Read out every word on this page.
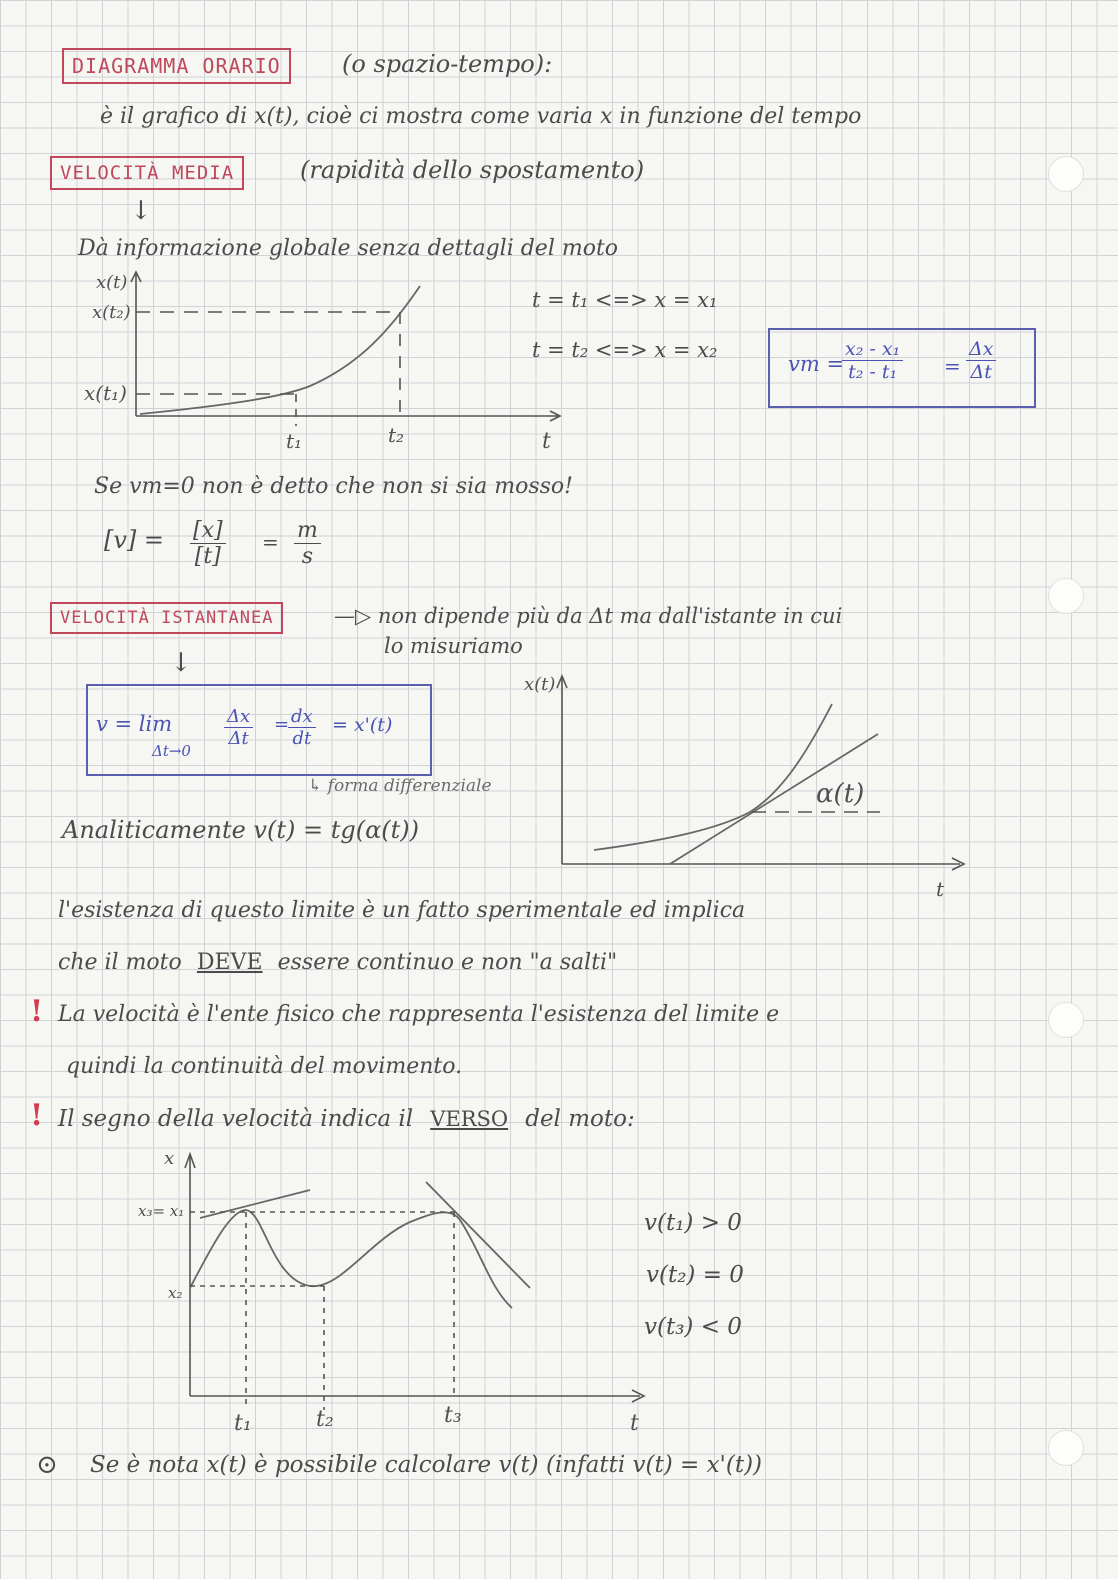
DIAGRAMMA ORARIO	(o spazio-tempo):
è il grafico di x(t), cioè ci mostra come varia x in funzione del tempo
VELOCITÀ MEDIA	(rapidità dello spostamento)
↓
Dà informazione globale senza dettagli del moto
x(t)
x(t₂)
x(t₁)
t₁	t₂	t
t = t₁ <=> x = x₁
t = t₂ <=> x = x₂
vm =
$\frac{\text{x₂ - x₁}}{\text{t₂ - t₁}} = \frac{\Delta x}{\Delta t}$
Se vm=0 non è detto che non si sia mosso!
$[v] = \frac{[x]}{[t]} = \frac{m}{s}$
VELOCITÀ ISTANTANEA	—▷ non dipende più da Δt ma dall'istante in cui
lo misuriamo
↓
v = lim
Δt→0
$\frac{\Delta x}{\Delta t}$ =
$\frac{dx}{dt} = x'(t)$
↳ forma differenziale
Analiticamente v(t) = tg(α(t))
x(t)
α(t)
t
l'esistenza di questo limite è un fatto sperimentale ed implica
che il moto DEVE essere continuo e non "a salti"
! La velocità è l'ente fisico che rappresenta l'esistenza del limite e
quindi la continuità del movimento.
! Il segno della velocità indica il VERSO del moto:
x
x₃= x₁
x₂
t₁	t₂	t₃	t
v(t₁) > 0
v(t₂) = 0
v(t₃) < 0
⊙ Se è nota x(t) è possibile calcolare v(t) (infatti v(t) = x'(t))
